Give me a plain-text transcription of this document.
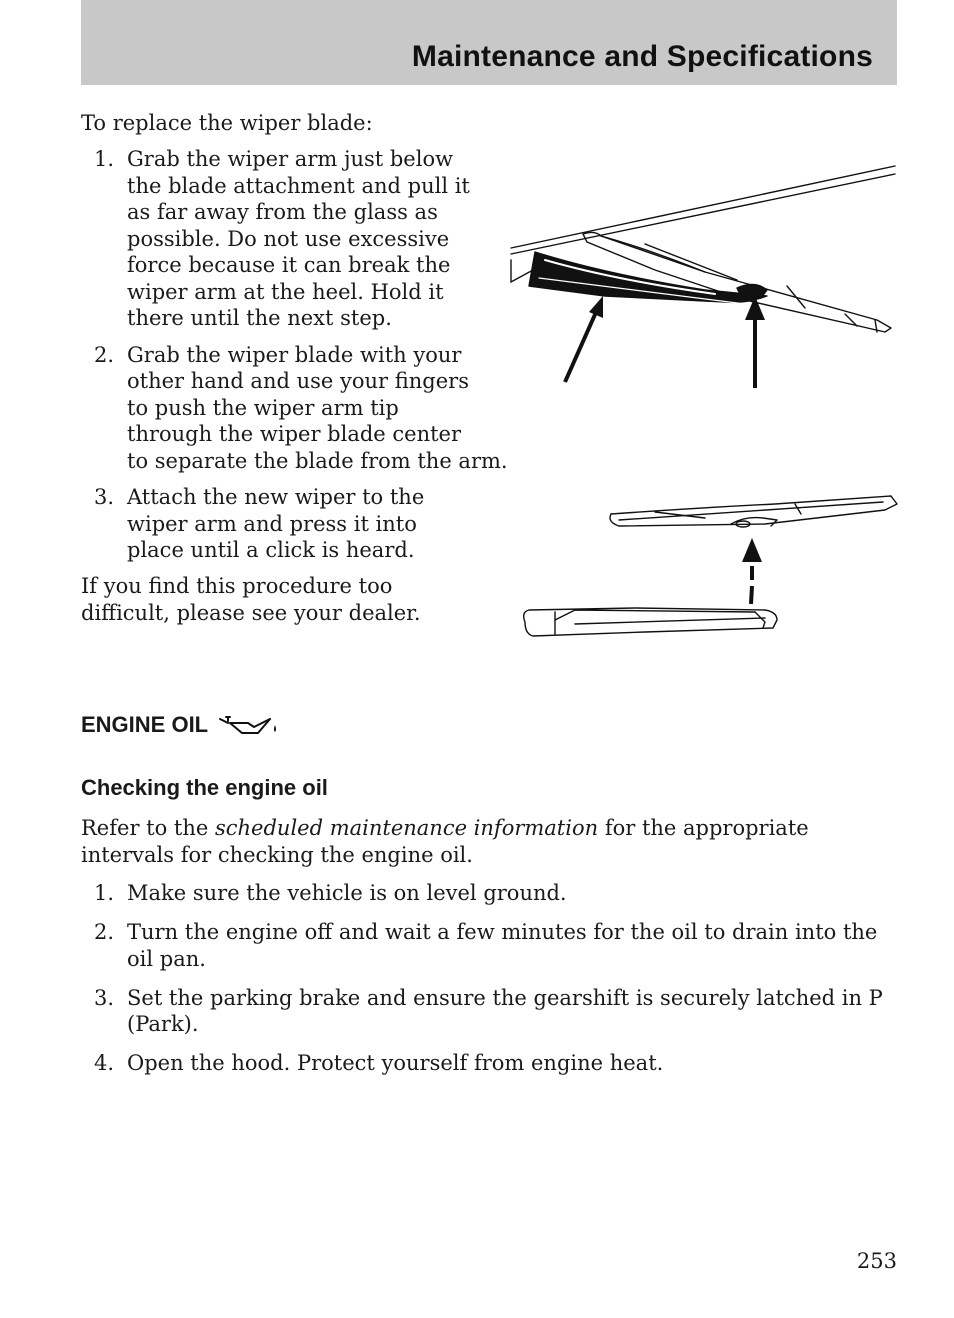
Maintenance and Specifications

To replace the wiper blade:

1. Grab the wiper arm just below
the blade attachment and pull it
as far away from the glass as
possible. Do not use excessive
force because it can break the
wiper arm at the heel. Hold it
there until the next step.
2. Grab the wiper blade with your
other hand and use your fingers
to push the wiper arm tip
through the wiper blade center
to separate the blade from the arm.
3. Attach the new wiper to the
wiper arm and press it into
place until a click is heard.

If you find this procedure too
difficult, please see your dealer.

ENGINE OIL
Checking the engine oil

Refer to the scheduled maintenance information for the appropriate intervals for checking the engine oil.

1. Make sure the vehicle is on level ground.
2. Turn the engine off and wait a few minutes for the oil to drain into the oil pan.
3. Set the parking brake and ensure the gearshift is securely latched in P (Park).
4. Open the hood. Protect yourself from engine heat.

253
